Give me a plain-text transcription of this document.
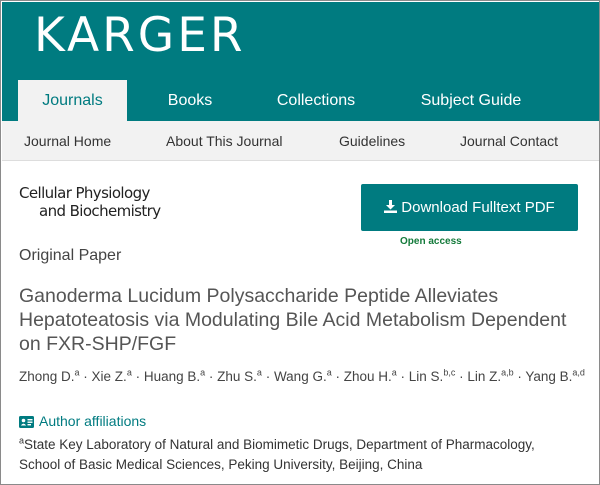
KARGER
Journals	Books	Collections	Subject Guide
Journal Home	About This Journal	Guidelines	Journal Contact
Cellular Physiology
and Biochemistry	Download Fulltext PDF
Open access
Original Paper
Ganoderma Lucidum Polysaccharide Peptide Alleviates Hepatoteatosis via Modulating Bile Acid Metabolism Dependent on FXR-SHP/FGF
Zhong D.$^a$ · Xie Z.$^a$ · Huang B.$^a$ · Zhu S.$^a$ · Wang G.$^a$ · Zhou H.$^a$ · Lin S.$^{b,c}$ · Lin Z.$^{a,b}$ · Yang B.$^{a,d}$
Author affiliations
$^a$State Key Laboratory of Natural and Biomimetic Drugs, Department of Pharmacology, School of Basic Medical Sciences, Peking University, Beijing, China
